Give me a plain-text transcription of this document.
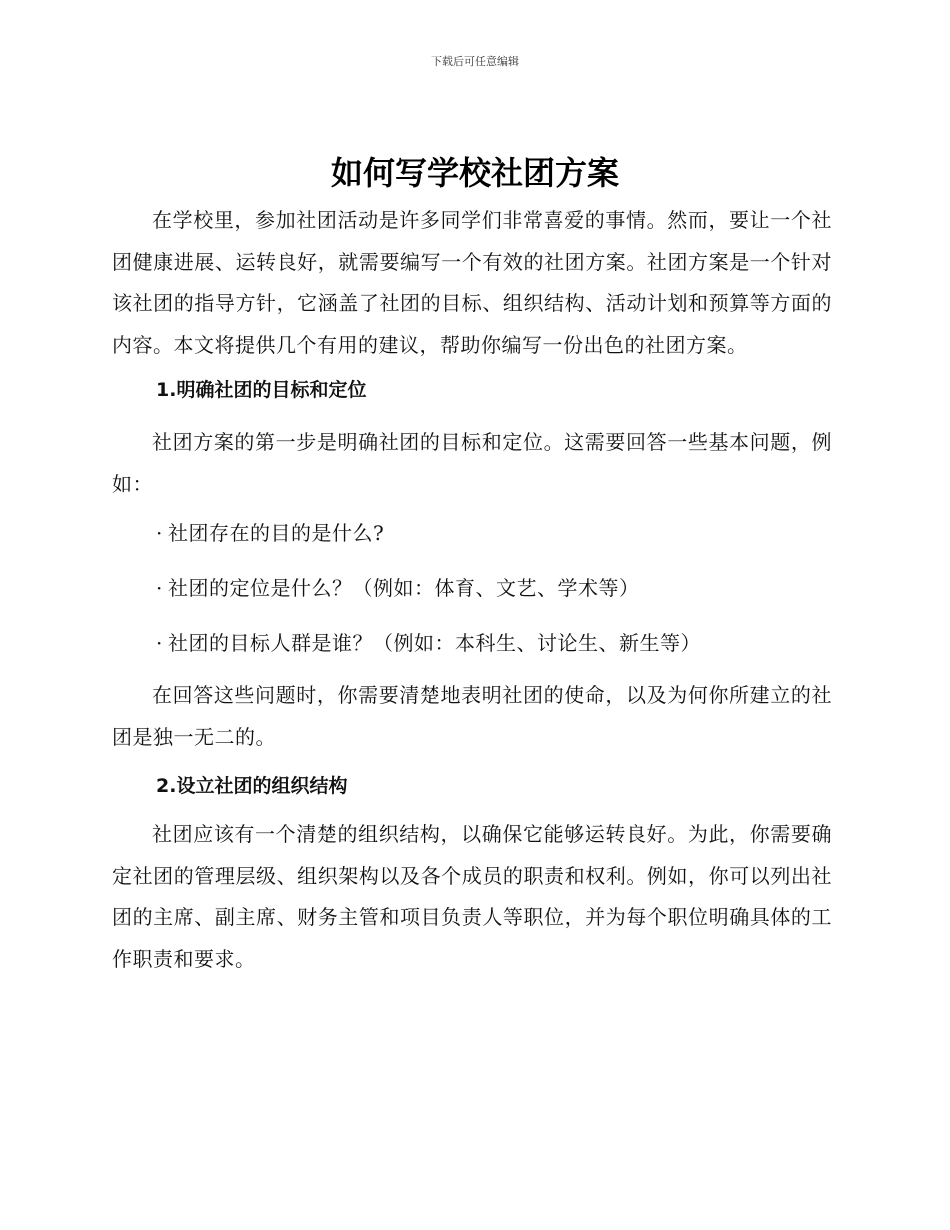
下载后可任意编辑
如何写学校社团方案

在学校里，参加社团活动是许多同学们非常喜爱的事情。然而，要让一个社团健康进展、运转良好，就需要编写一个有效的社团方案。社团方案是一个针对该社团的指导方针，它涵盖了社团的目标、组织结构、活动计划和预算等方面的内容。本文将提供几个有用的建议，帮助你编写一份出色的社团方案。

1.明确社团的目标和定位

社团方案的第一步是明确社团的目标和定位。这需要回答一些基本问题，例如：

· 社团存在的目的是什么?

· 社团的定位是什么？（例如：体育、文艺、学术等）

· 社团的目标人群是谁？（例如：本科生、讨论生、新生等）

在回答这些问题时，你需要清楚地表明社团的使命，以及为何你所建立的社团是独一无二的。

2.设立社团的组织结构

社团应该有一个清楚的组织结构，以确保它能够运转良好。为此，你需要确定社团的管理层级、组织架构以及各个成员的职责和权利。例如，你可以列出社团的主席、副主席、财务主管和项目负责人等职位，并为每个职位明确具体的工作职责和要求。
